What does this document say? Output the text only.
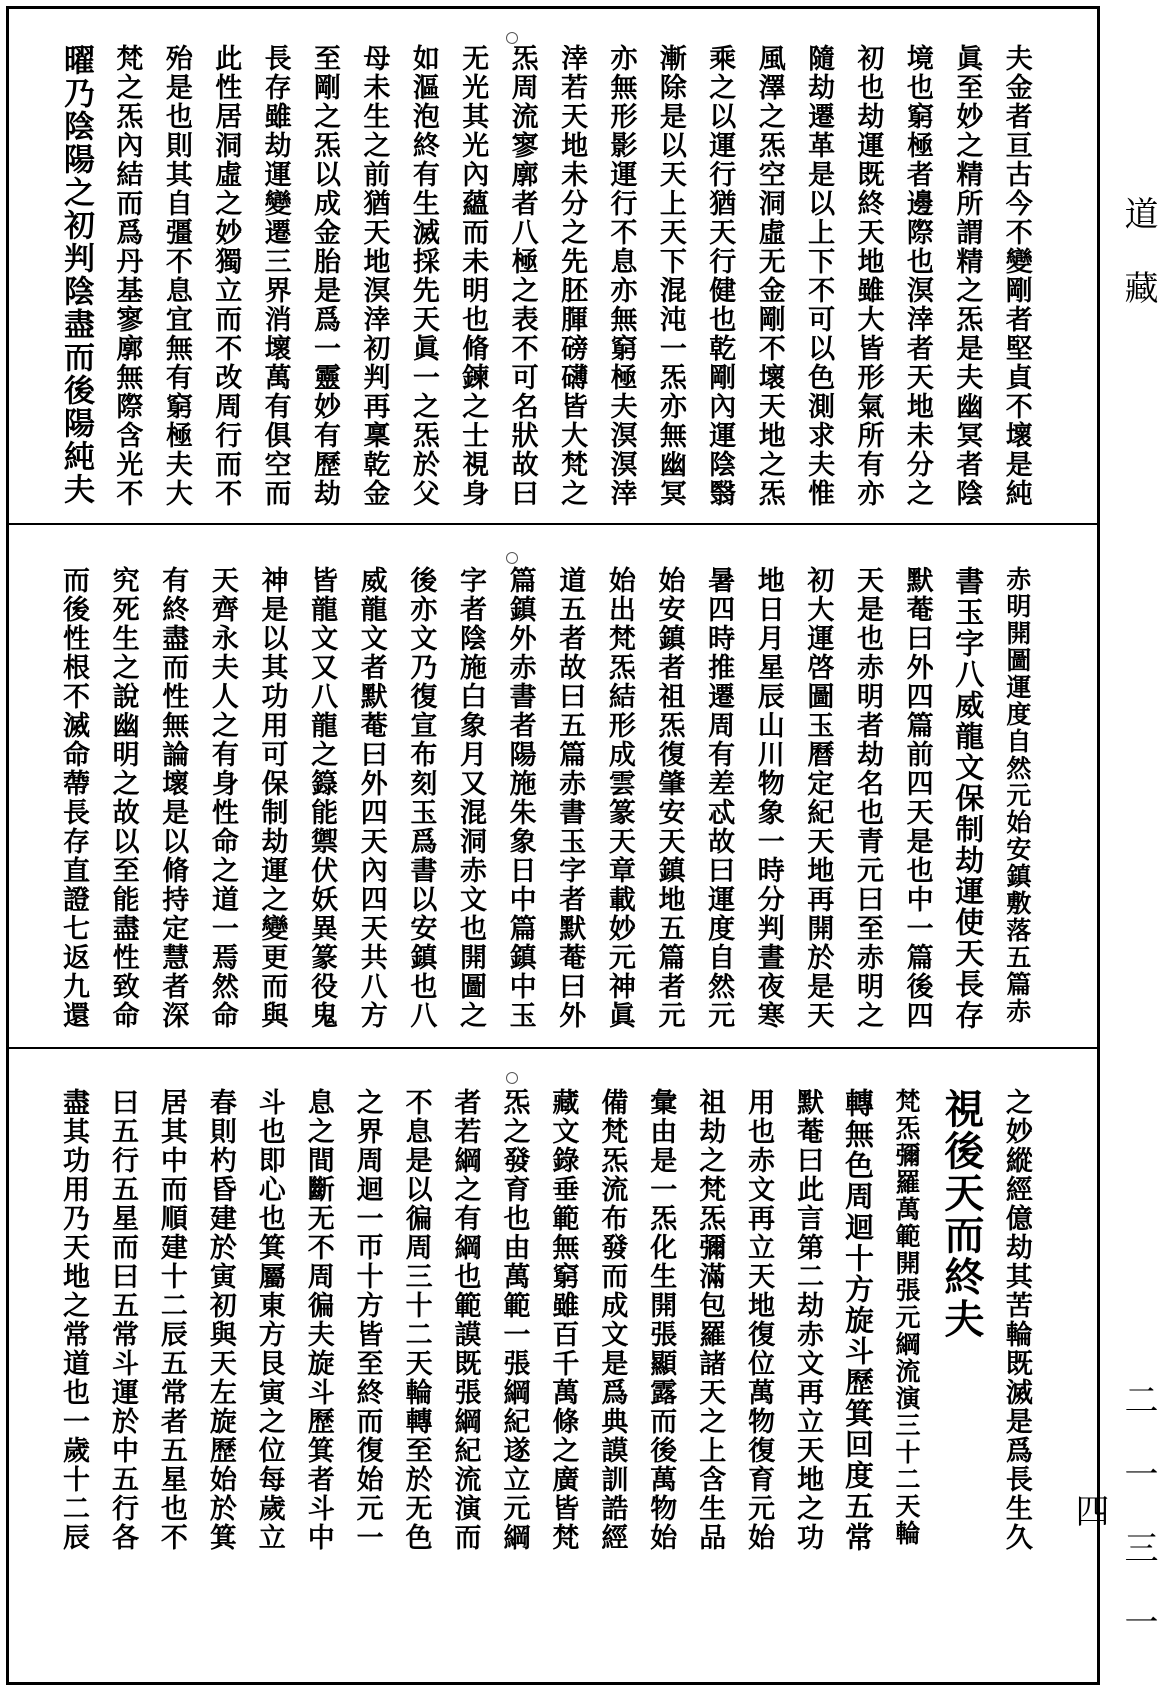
道 藏
二 一 三 一 四
夫金者亘古今不變剛者堅貞不壞是純
眞至妙之精所謂精之炁是夫幽冥者陰
境也窮極者邊際也溟涬者天地未分之
初也劫運既終天地雖大皆形氣所有亦
隨劫遷革是以上下不可以色測求夫惟
風澤之炁空洞虛无金剛不壞天地之炁
乘之以運行猶天行健也乾剛內運陰翳
漸除是以天上天下混沌一炁亦無幽冥
亦無形影運行不息亦無窮極夫溟溟涬
涬若天地未分之先胚腪磅礴皆大梵之
炁周流寥廓者八極之表不可名狀故曰
无光其光內蘊而未明也脩鍊之士視身
如漚泡終有生滅採先天眞一之炁於父
母未生之前猶天地溟涬初判再稟乾金
至剛之炁以成金胎是爲一靈妙有歷劫
長存雖劫運變遷三界消壞萬有俱空而
此性居洞虛之妙獨立而不改周行而不
殆是也則其自彊不息宜無有窮極夫大
梵之炁內結而爲丹基寥廓無際含光不
曜乃陰陽之初判陰盡而後陽純夫
赤明開圖運度自然元始安鎮敷落五篇赤
書玉字八威龍文保制劫運使天長存
默菴曰外四篇前四天是也中一篇後四
天是也赤明者劫名也青元曰至赤明之
初大運啓圖玉曆定紀天地再開於是天
地日月星辰山川物象一時分判晝夜寒
暑四時推遷周有差忒故曰運度自然元
始安鎮者祖炁復肇安天鎮地五篇者元
始出梵炁結形成雲篆天章載妙元神眞
道五者故曰五篇赤書玉字者默菴曰外
篇鎮外赤書者陽施朱象日中篇鎮中玉
字者陰施白象月又混洞赤文也開圖之
後亦文乃復宣布刻玉爲書以安鎮也八
威龍文者默菴曰外四天內四天共八方
皆龍文又八龍之籙能禦伏妖異篆役鬼
神是以其功用可保制劫運之變更而與
天齊永夫人之有身性命之道一焉然命
有終盡而性無論壞是以脩持定慧者深
究死生之說幽明之故以至能盡性致命
而後性根不滅命蔕長存直證七返九還
之妙縱經億劫其苦輪既滅是爲長生久
視後天而終夫
梵炁彌羅萬範開張元綱流演三十二天輪
轉無色周迴十方旋斗歷箕回度五常
默菴曰此言第二劫赤文再立天地之功
用也赤文再立天地復位萬物復育元始
祖劫之梵炁彌滿包羅諸天之上含生品
彙由是一炁化生開張顯露而後萬物始
備梵炁流布發而成文是爲典謨訓誥經
藏文錄垂範無窮雖百千萬條之廣皆梵
炁之發育也由萬範一張綱紀遂立元綱
者若綱之有綱也範謨既張綱紀流演而
不息是以徧周三十二天輪轉至於无色
之界周迴一帀十方皆至終而復始元一
息之間斷无不周徧夫旋斗歷箕者斗中
斗也即心也箕屬東方艮寅之位每歲立
春則杓昏建於寅初與天左旋歷始於箕
居其中而順建十二辰五常者五星也不
曰五行五星而曰五常斗運於中五行各
盡其功用乃天地之常道也一歲十二辰
